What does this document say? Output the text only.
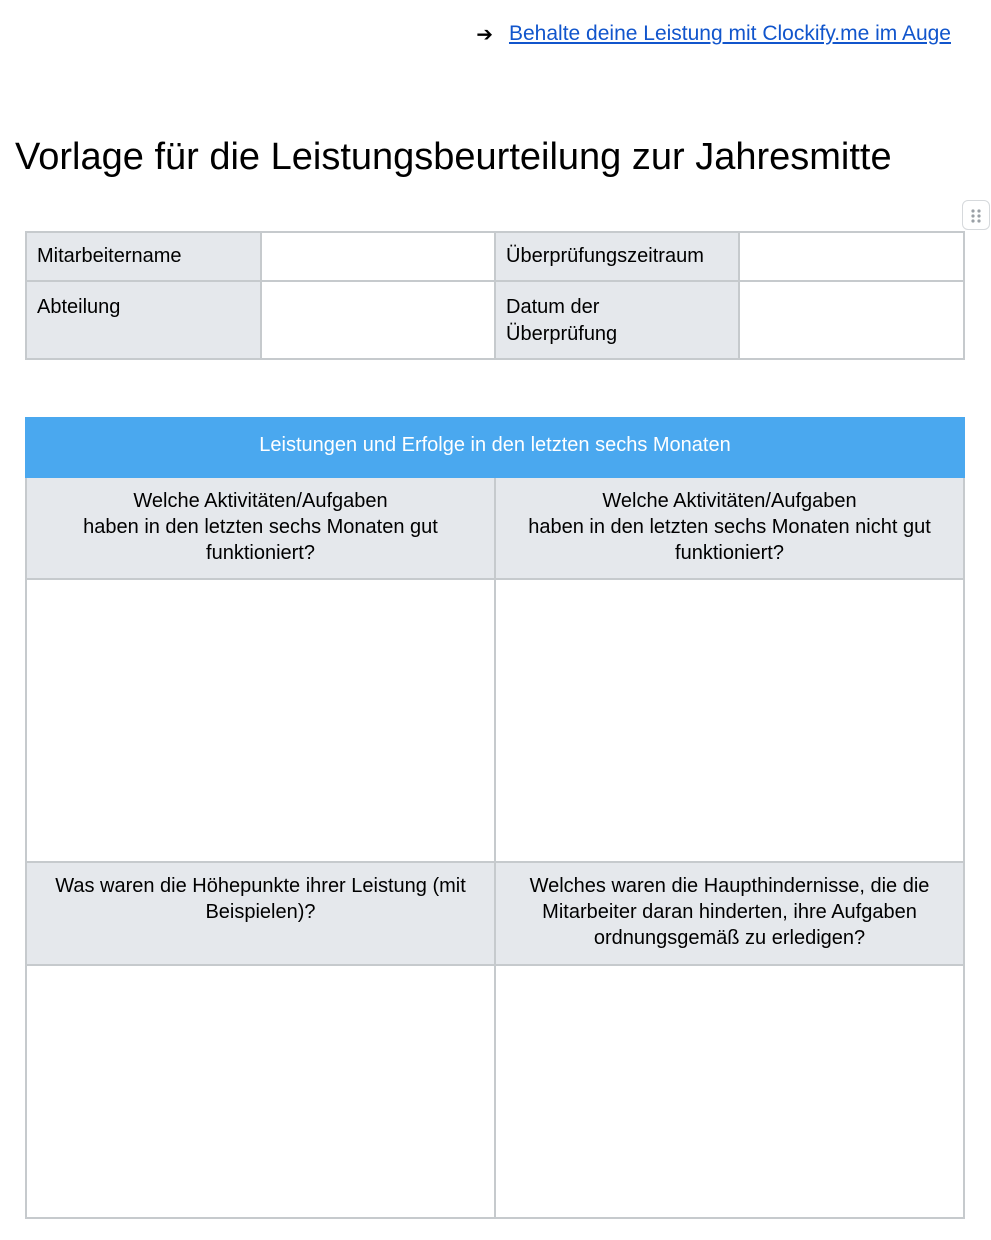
➔ Behalte deine Leistung mit Clockify.me im Auge
Vorlage für die Leistungsbeurteilung zur Jahresmitte
Mitarbeitername		Überprüfungszeitraum	
Abteilung		Datum der
Überprüfung	
Leistungen und Erfolge in den letzten sechs Monaten	
Welche Aktivitäten/Aufgaben
haben in den letzten sechs Monaten gut funktioniert?	Welche Aktivitäten/Aufgaben
haben in den letzten sechs Monaten nicht gut funktioniert?

Was waren die Höhepunkte ihrer Leistung (mit Beispielen)?	Welches waren die Haupthindernisse, die die Mitarbeiter daran hinderten, ihre Aufgaben ordnungsgemäß zu erledigen?
